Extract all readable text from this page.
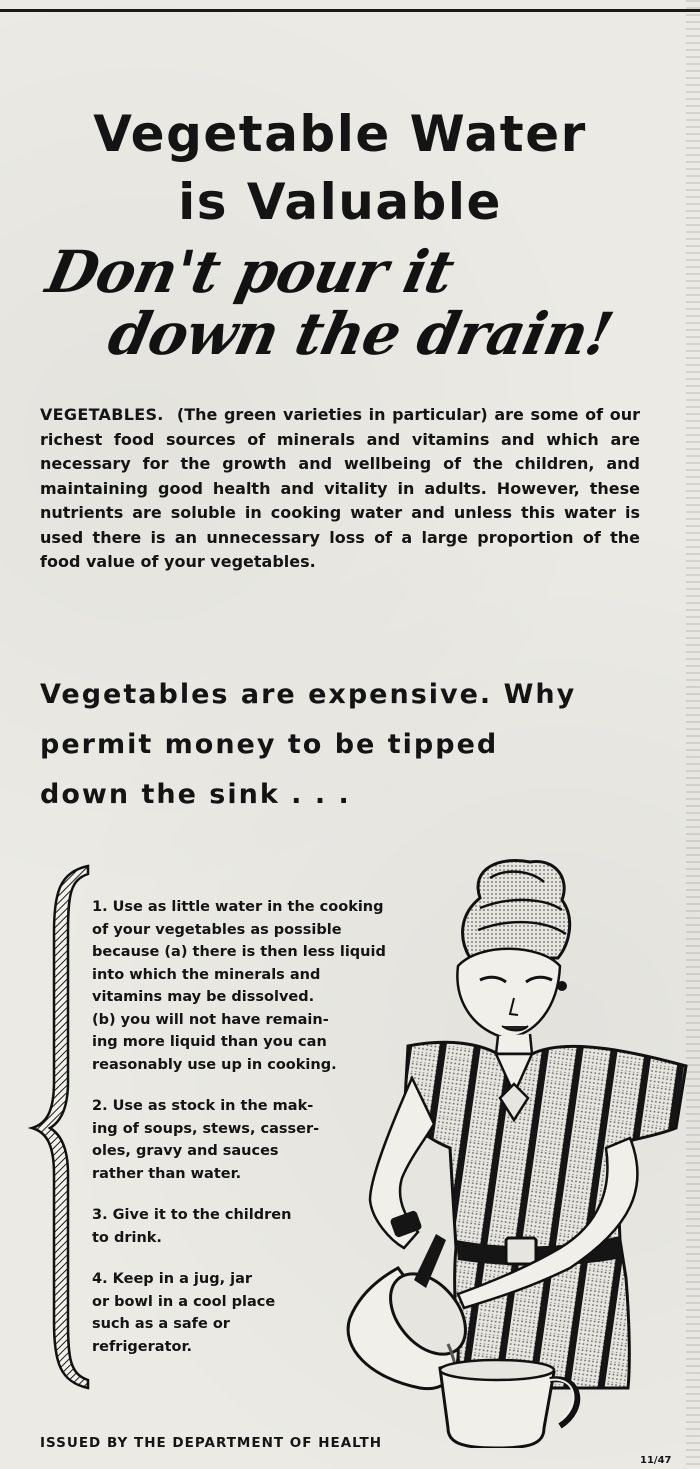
Vegetable Water
is Valuable
Don't pour it
down the drain!
VEGETABLES. (The green varieties in particular) are some of our richest food sources of minerals and vitamins and which are necessary for the growth and wellbeing of the children, and maintaining good health and vitality in adults. However, these nutrients are soluble in cooking water and unless this water is used there is an unnecessary loss of a large proportion of the food value of your vegetables.
Vegetables are expensive. Why
permit money to be tipped
down the sink . . .
1. Use as little water in the cooking
of your vegetables as possible
because (a) there is then less liquid
into which the minerals and
vitamins may be dissolved.
(b) you will not have remain-
ing more liquid than you can
reasonably use up in cooking.
2. Use as stock in the mak-
ing of soups, stews, casser-
oles, gravy and sauces
rather than water.
3. Give it to the children
to drink.
4. Keep in a jug, jar
or bowl in a cool place
such as a safe or
refrigerator.
ISSUED BY THE DEPARTMENT OF HEALTH
11/47
